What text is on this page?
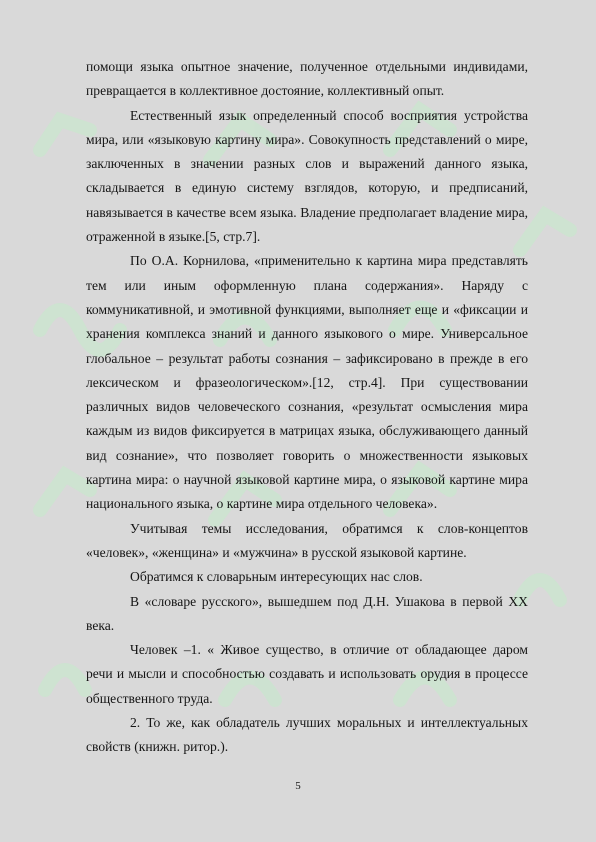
помощи языка опытное значение, полученное отдельными индивидами, превращается в коллективное достояние, коллективный опыт.

Естественный язык определенный способ восприятия устройства мира, или «языковую картину мира». Совокупность представлений о мире, заключенных в значении разных слов и выражений данного языка, складывается в единую систему взглядов, которую, и предписаний, навязывается в качестве всем языка. Владение предполагает владение мира, отраженной в языке.[5, стр.7].

По О.А. Корнилова, «применительно к картина мира представлять тем или иным оформленную плана содержания». Наряду с коммуникативной, и эмотивной функциями, выполняет еще и «фиксации и хранения комплекса знаний и данного языкового о мире. Универсальное глобальное – результат работы сознания – зафиксировано в прежде в его лексическом и фразеологическом».[12, стр.4]. При существовании различных видов человеческого сознания, «результат осмысления мира каждым из видов фиксируется в матрицах языка, обслуживающего данный вид сознание», что позволяет говорить о множественности языковых картина мира: о научной языковой картине мира, о языковой картине мира национального языка, о картине мира отдельного человека».

Учитывая темы исследования, обратимся к слов-концептов «человек», «женщина» и «мужчина» в русской языковой картине.

Обратимся к словарьным интересующих нас слов.

В «словаре русского», вышедшем под Д.Н. Ушакова в первой XX века.

Человек –1. « Живое существо, в отличие от обладающее даром речи и мысли и способностью создавать и использовать орудия в процессе общественного труда.

2. То же, как обладатель лучших моральных и интеллектуальных свойств (книжн. ритор.).

5
